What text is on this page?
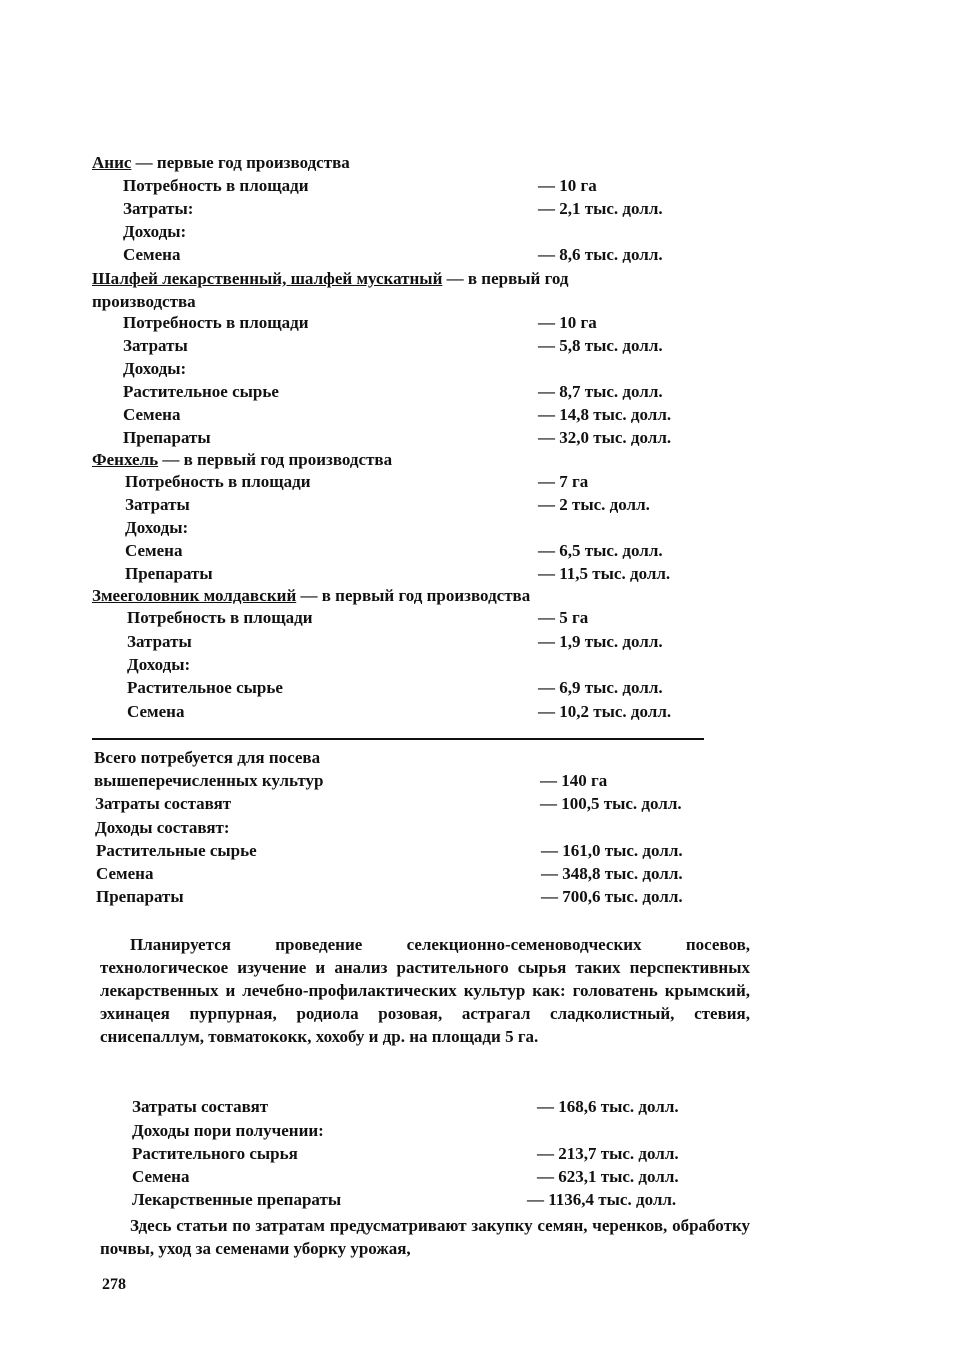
Анис — первые год производства
Потребность в площади	— 10 га
Затраты:	— 2,1 тыс. долл.
Доходы:
Семена	— 8,6 тыс. долл.
Шалфей лекарственный, шалфей мускатный — в первый год
производства
Потребность в площади	— 10 га
Затраты	— 5,8 тыс. долл.
Доходы:
Растительное сырье	— 8,7 тыс. долл.
Семена	— 14,8 тыс. долл.
Препараты	— 32,0 тыс. долл.
Фенхель — в первый год производства
Потребность в площади	— 7 га
Затраты	— 2 тыс. долл.
Доходы:
Семена	— 6,5 тыс. долл.
Препараты	— 11,5 тыс. долл.
Змееголовник молдавский — в первый год производства
Потребность в площади	— 5 га
Затраты	— 1,9 тыс. долл.
Доходы:
Растительное сырье	— 6,9 тыс. долл.
Семена	— 10,2 тыс. долл.
Всего потребуется для посева
вышеперечисленных культур	— 140 га
Затраты составят	— 100,5 тыс. долл.
Доходы составят:
Растительные сырье	— 161,0 тыс. долл.
Семена	— 348,8 тыс. долл.
Препараты	— 700,6 тыс. долл.

Планируется проведение селекционно-семеноводческих посевов, технологическое изучение и анализ растительного сырья таких перспективных лекарственных и лечебно-профилактических культур как: головатень крымский, эхинацея пурпурная, родиола розовая, астрагал сладколистный, стевия, снисепаллум, товматококк, хохобу и др. на площади 5 га.

Затраты составят	— 168,6 тыс. долл.
Доходы пори получении:
Растительного сырья	— 213,7 тыс. долл.
Семена	— 623,1 тыс. долл.
Лекарственные препараты	— 1136,4 тыс. долл.

Здесь статьи по затратам предусматривают закупку семян, черенков, обработку почвы, уход за семенами уборку урожая,

278
